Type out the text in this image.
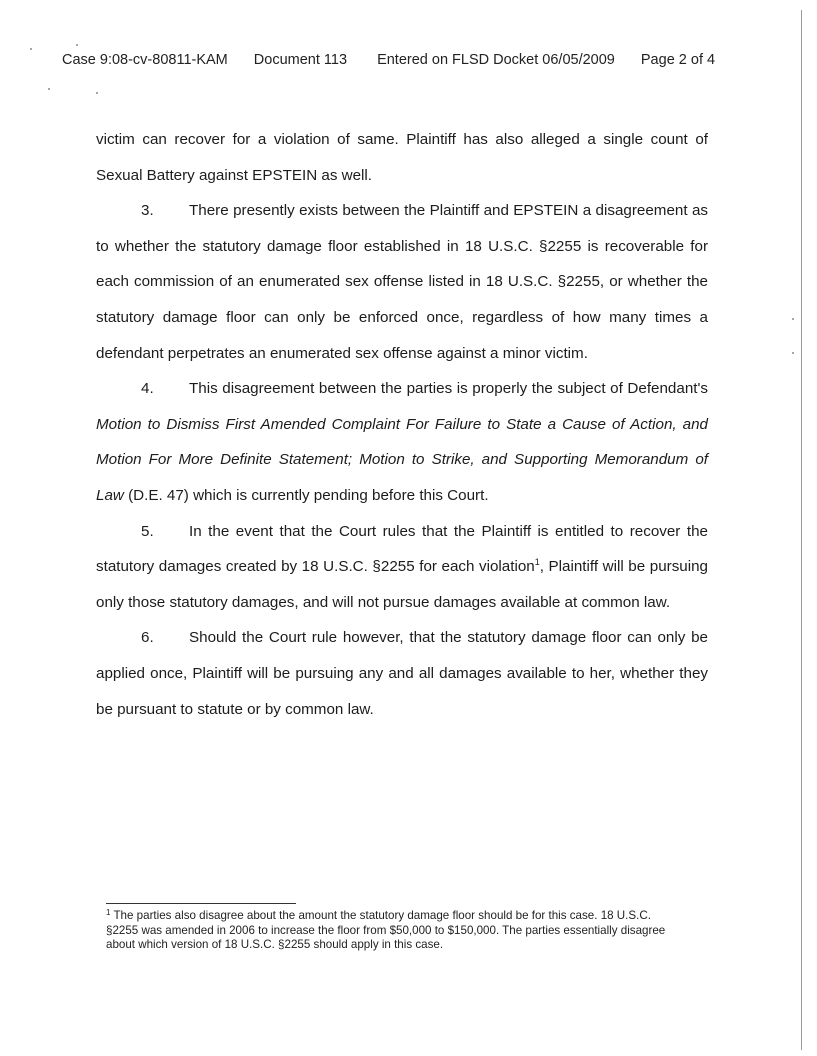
Case 9:08-cv-80811-KAM Document 113 Entered on FLSD Docket 06/05/2009 Page 2 of 4

victim can recover for a violation of same. Plaintiff has also alleged a single count of Sexual Battery against EPSTEIN as well.

3. There presently exists between the Plaintiff and EPSTEIN a disagreement as to whether the statutory damage floor established in 18 U.S.C. §2255 is recoverable for each commission of an enumerated sex offense listed in 18 U.S.C. §2255, or whether the statutory damage floor can only be enforced once, regardless of how many times a defendant perpetrates an enumerated sex offense against a minor victim.

4. This disagreement between the parties is properly the subject of Defendant's Motion to Dismiss First Amended Complaint For Failure to State a Cause of Action, and Motion For More Definite Statement; Motion to Strike, and Supporting Memorandum of Law (D.E. 47) which is currently pending before this Court.

5. In the event that the Court rules that the Plaintiff is entitled to recover the statutory damages created by 18 U.S.C. §2255 for each violation$^1$, Plaintiff will be pursuing only those statutory damages, and will not pursue damages available at common law.

6. Should the Court rule however, that the statutory damage floor can only be applied once, Plaintiff will be pursuing any and all damages available to her, whether they be pursuant to statute or by common law.

$^1$ The parties also disagree about the amount the statutory damage floor should be for this case. 18 U.S.C. §2255 was amended in 2006 to increase the floor from $50,000 to $150,000. The parties essentially disagree about which version of 18 U.S.C. §2255 should apply in this case.
